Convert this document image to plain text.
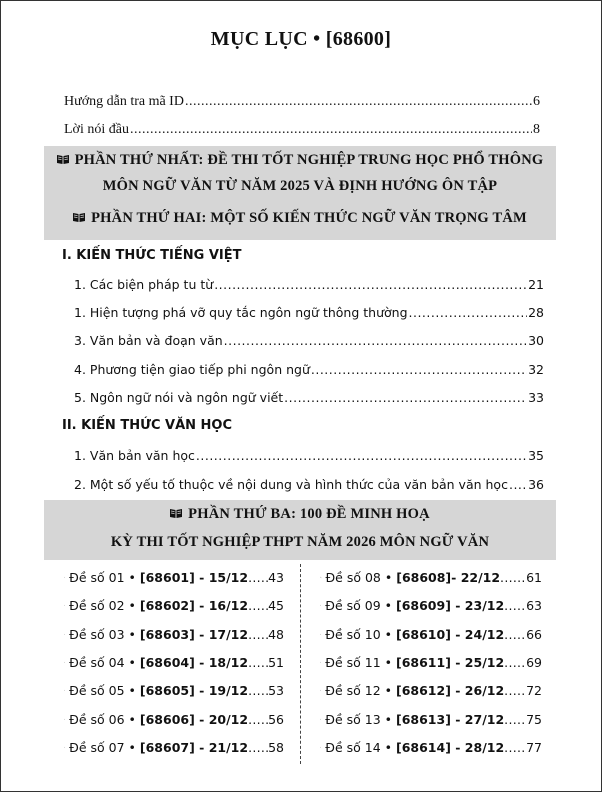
MỤC LỤC • [68600]
Hướng dẫn tra mã ID .....	6
Lời nói đầu .....	8
PHẦN THỨ NHẤT: ĐỀ THI TỐT NGHIỆP TRUNG HỌC PHỔ THÔNG
MÔN NGỮ VĂN TỪ NĂM 2025 VÀ ĐỊNH HƯỚNG ÔN TẬP
PHẦN THỨ HAI: MỘT SỐ KIẾN THỨC NGỮ VĂN TRỌNG TÂM
I. KIẾN THỨC TIẾNG VIỆT
1. Các biện pháp tu từ .....	21
1. Hiện tượng phá vỡ quy tắc ngôn ngữ thông thường .....	28
3. Văn bản và đoạn văn .....	30
4. Phương tiện giao tiếp phi ngôn ngữ .....	32
5. Ngôn ngữ nói và ngôn ngữ viết .....	33
II. KIẾN THỨC VĂN HỌC
1. Văn bản văn học .....	35
2. Một số yếu tố thuộc về nội dung và hình thức của văn bản văn học ..... 36
PHẦN THỨ BA: 100 ĐỀ MINH HOẠ
KỲ THI TỐT NGHIỆP THPT NĂM 2026 MÔN NGỮ VĂN
Đề số 01 • [68601] - 15/12 ..... 43
Đề số 02 • [68602] - 16/12 ..... 45
Đề số 03 • [68603] - 17/12 ..... 48
Đề số 04 • [68604] - 18/12 ..... 51
Đề số 05 • [68605] - 19/12 ..... 53
Đề số 06 • [68606] - 20/12 ..... 56
Đề số 07 • [68607] - 21/12 ..... 58
Đề số 08 • [68608]- 22/12 ..... 61
Đề số 09 • [68609] - 23/12 ..... 63
Đề số 10 • [68610] - 24/12 ..... 66
Đề số 11 • [68611] - 25/12 ..... 69
Đề số 12 • [68612] - 26/12 ..... 72
Đề số 13 • [68613] - 27/12 ..... 75
Đề số 14 • [68614] - 28/12 ..... 77
